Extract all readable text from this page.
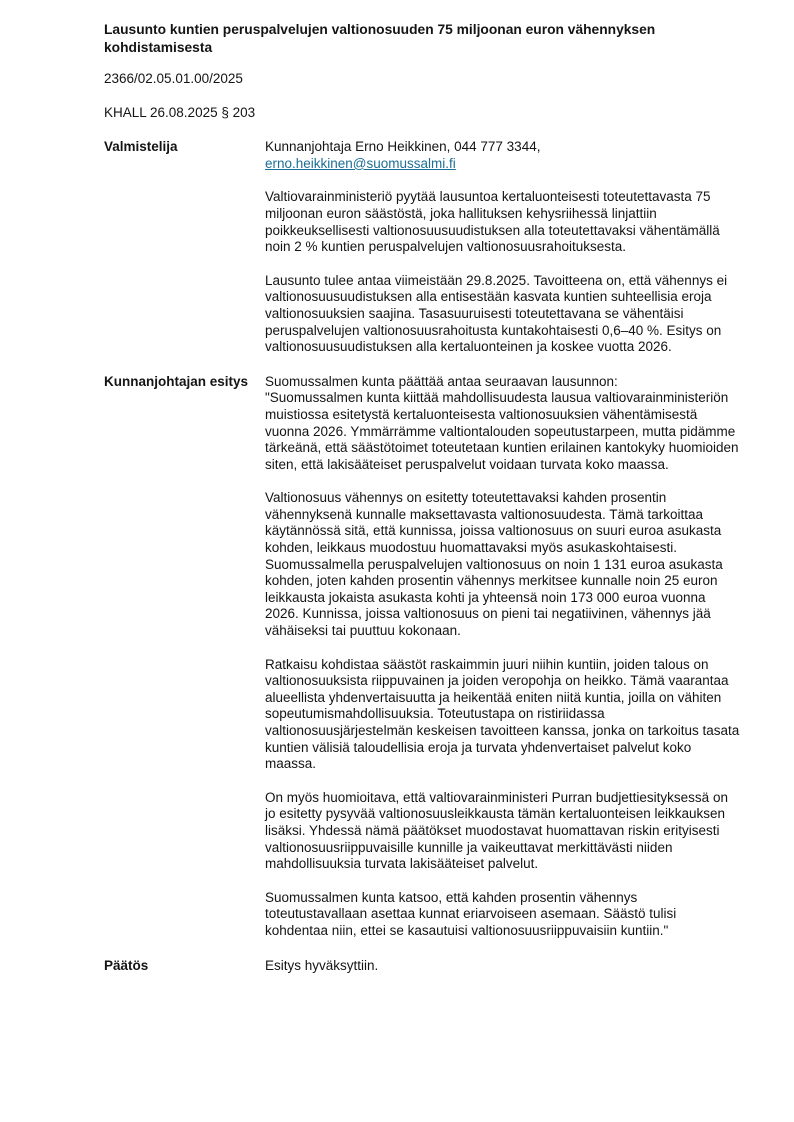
Lausunto kuntien peruspalvelujen valtionosuuden 75 miljoonan euron vähennyksen kohdistamisesta
2366/02.05.01.00/2025
KHALL 26.08.2025 § 203
Valmistelija	Kunnanjohtaja Erno Heikkinen, 044 777 3344,
erno.heikkinen@suomussalmi.fi

Valtiovarainministeriö pyytää lausuntoa kertaluonteisesti toteutettavasta 75 miljoonan euron säästöstä, joka hallituksen kehysriihessä linjattiin poikkeuksellisesti valtionosuusuudistuksen alla toteutettavaksi vähentämällä noin 2 % kuntien peruspalvelujen valtionosuusrahoituksesta.

Lausunto tulee antaa viimeistään 29.8.2025. Tavoitteena on, että vähennys ei valtionosuusuudistuksen alla entisestään kasvata kuntien suhteellisia eroja valtionosuuksien saajina. Tasasuuruisesti toteutettavana se vähentäisi peruspalvelujen valtionosuusrahoitusta kuntakohtaisesti 0,6–40 %. Esitys on valtionosuusuudistuksen alla kertaluonteinen ja koskee vuotta 2026.

Kunnanjohtajan esitys	Suomussalmen kunta päättää antaa seuraavan lausunnon:

"Suomussalmen kunta kiittää mahdollisuudesta lausua valtiovarainministeriön muistiossa esitetystä kertaluonteisesta valtionosuuksien vähentämisestä vuonna 2026. Ymmärrämme valtiontalouden sopeutustarpeen, mutta pidämme tärkeänä, että säästötoimet toteutetaan kuntien erilainen kantokyky huomioiden siten, että lakisääteiset peruspalvelut voidaan turvata koko maassa.

Valtionosuus vähennys on esitetty toteutettavaksi kahden prosentin vähennyksenä kunnalle maksettavasta valtionosuudesta. Tämä tarkoittaa käytännössä sitä, että kunnissa, joissa valtionosuus on suuri euroa asukasta kohden, leikkaus muodostuu huomattavaksi myös asukaskohtaisesti. Suomussalmella peruspalvelujen valtionosuus on noin 1 131 euroa asukasta kohden, joten kahden prosentin vähennys merkitsee kunnalle noin 25 euron leikkausta jokaista asukasta kohti ja yhteensä noin 173 000 euroa vuonna 2026. Kunnissa, joissa valtionosuus on pieni tai negatiivinen, vähennys jää vähäiseksi tai puuttuu kokonaan.

Ratkaisu kohdistaa säästöt raskaimmin juuri niihin kuntiin, joiden talous on valtionosuuksista riippuvainen ja joiden veropohja on heikko. Tämä vaarantaa alueellista yhdenvertaisuutta ja heikentää eniten niitä kuntia, joilla on vähiten sopeutumismahdollisuuksia. Toteutustapa on ristiriidassa valtionosuusjärjestelmän keskeisen tavoitteen kanssa, jonka on tarkoitus tasata kuntien välisiä taloudellisia eroja ja turvata yhdenvertaiset palvelut koko maassa.

On myös huomioitava, että valtiovarainministeri Purran budjettiesityksessä on jo esitetty pysyvää valtionosuusleikkausta tämän kertaluonteisen leikkauksen lisäksi. Yhdessä nämä päätökset muodostavat huomattavan riskin erityisesti valtionosuusriippuvaisille kunnille ja vaikeuttavat merkittävästi niiden mahdollisuuksia turvata lakisääteiset palvelut.

Suomussalmen kunta katsoo, että kahden prosentin vähennys toteutustavallaan asettaa kunnat eriarvoiseen asemaan. Säästö tulisi kohdentaa niin, ettei se kasautuisi valtionosuusriippuvaisiin kuntiin."

Päätös	Esitys hyväksyttiin.
